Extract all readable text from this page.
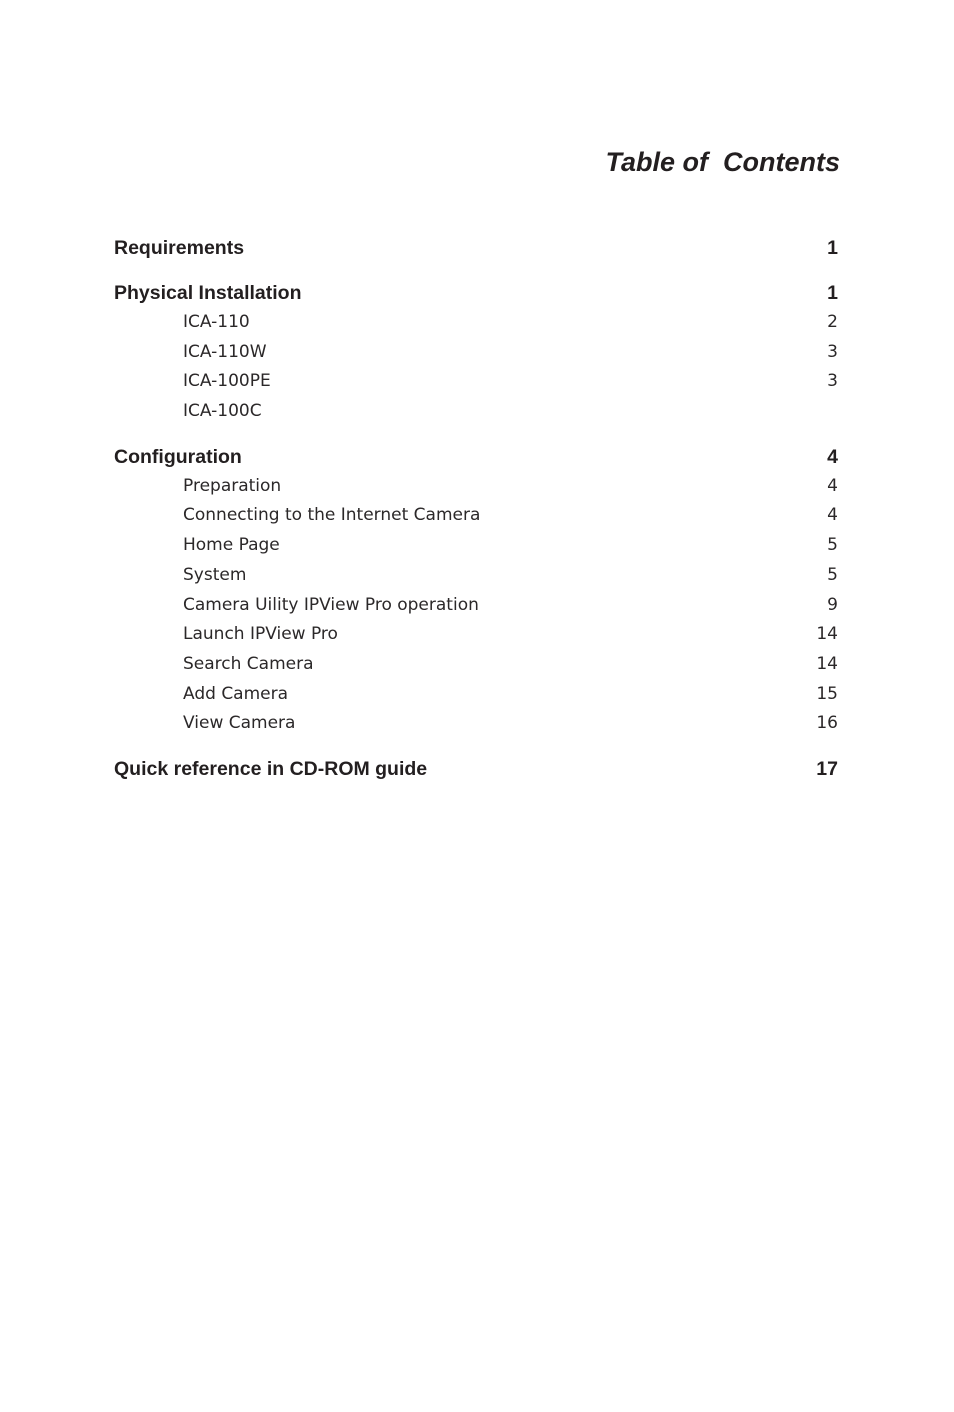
Table of  Contents
Requirements	1
Physical Installation	1
ICA-110	2
ICA-110W	3
ICA-100PE	3
ICA-100C
Configuration	4
Preparation	4
Connecting to the Internet Camera	4
Home Page	5
System	5
Camera Uility IPView Pro operation	9
Launch IPView Pro	14
Search Camera	14
Add Camera	15
View Camera	16
Quick reference in CD-ROM guide	17
